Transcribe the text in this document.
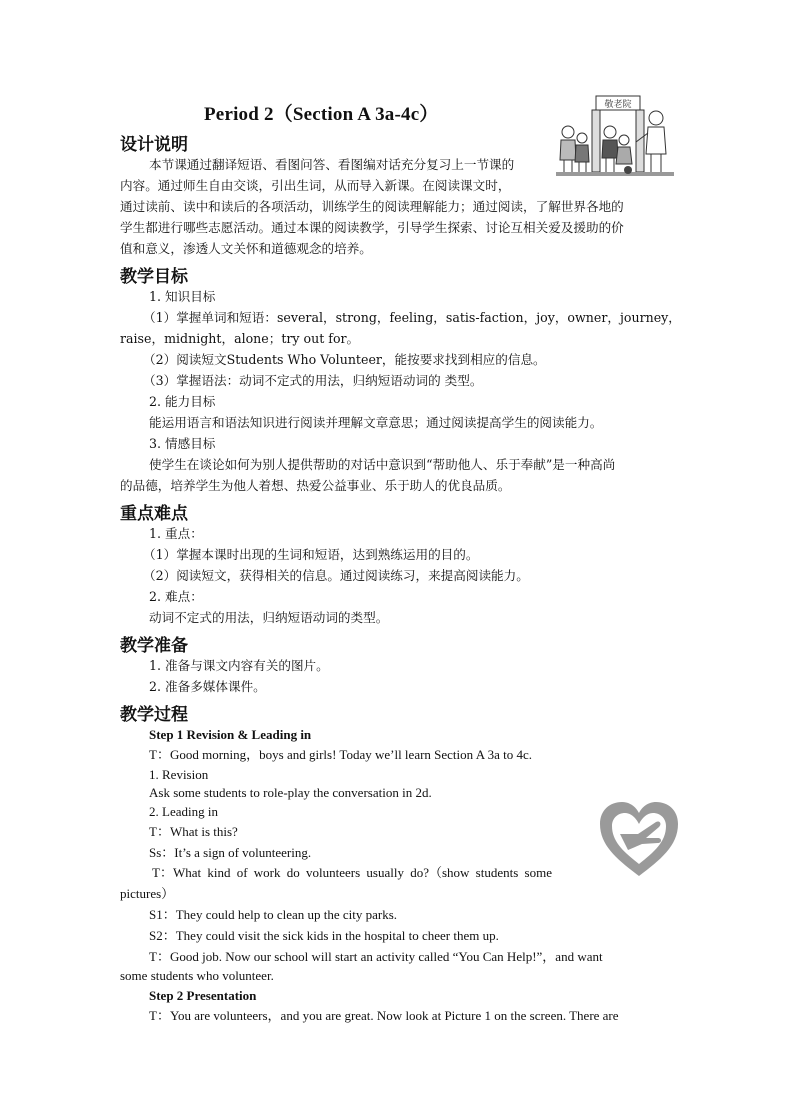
Period 2（Section A 3a-4c）	敬老院
设计说明
本节课通过翻译短语、看图问答、看图编对话充分复习上一节课的
内容。通过师生自由交谈，引出生词，从而导入新课。在阅读课文时，
通过读前、读中和读后的各项活动，训练学生的阅读理解能力；通过阅读，了解世界各地的
学生都进行哪些志愿活动。通过本课的阅读教学，引导学生探索、讨论互相关爱及援助的价
值和意义，渗透人文关怀和道德观念的培养。
教学目标
1. 知识目标
（1）掌握单词和短语：several，strong，feeling，satis-faction，joy，owner，journey，
raise，midnight，alone；try out for。
（2）阅读短文Students Who Volunteer，能按要求找到相应的信息。
（3）掌握语法：动词不定式的用法，归纳短语动词的 类型。
2. 能力目标
能运用语言和语法知识进行阅读并理解文章意思；通过阅读提高学生的阅读能力。
3. 情感目标
使学生在谈论如何为别人提供帮助的对话中意识到“帮助他人、乐于奉献”是一种高尚
的品德，培养学生为他人着想、热爱公益事业、乐于助人的优良品质。
重点难点
1. 重点：
（1）掌握本课时出现的生词和短语，达到熟练运用的目的。
（2）阅读短文，获得相关的信息。通过阅读练习，来提高阅读能力。
2. 难点：
动词不定式的用法，归纳短语动词的类型。
教学准备
1. 准备与课文内容有关的图片。
2. 准备多媒体课件。
教学过程
Step 1 Revision & Leading in
T：Good morning，boys and girls! Today we’ll learn Section A 3a to 4c.
1. Revision
Ask some students to role-play the conversation in 2d.
2. Leading in
T：What is this?
Ss：It’s a sign of volunteering.
T：What kind of work do volunteers usually do?（show students some
pictures）
S1：They could help to clean up the city parks.
S2：They could visit the sick kids in the hospital to cheer them up.
T：Good job. Now our school will start an activity called “You Can Help!”，and want
some students who volunteer.
Step 2 Presentation
T：You are volunteers，and you are great. Now look at Picture 1 on the screen. There are
